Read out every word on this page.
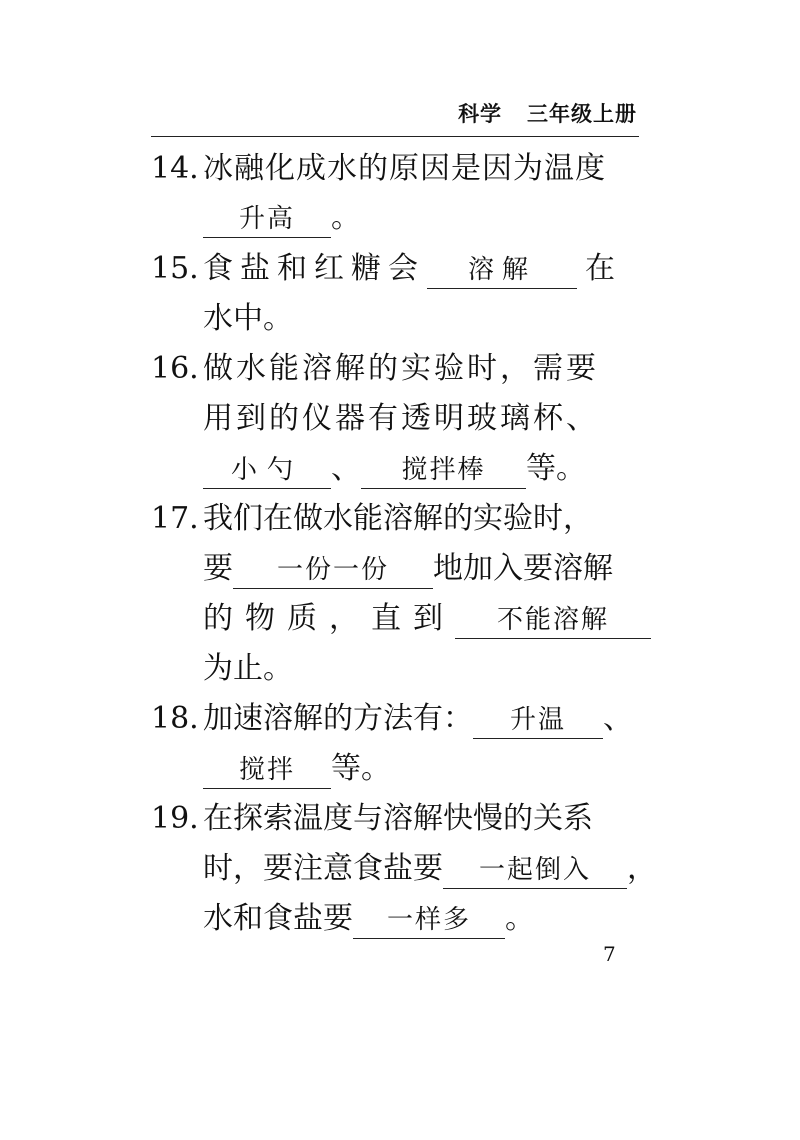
科学   三年级上册
14. 冰融化成水的原因是因为温度
升高 。
15. 食盐和红糖会 溶解 在
水中。
16. 做水能溶解的实验时，需要
用到的仪器有透明玻璃杯、
小勺 、 搅拌棒 等。
17. 我们在做水能溶解的实验时，
要 一份一份 地加入要溶解
的物质，直到 不能溶解
为止。
18. 加速溶解的方法有： 升温 、
搅拌 等。
19. 在探索温度与溶解快慢的关系
时，要注意食盐要 一起倒入 ，
水和食盐要 一样多 。
7
